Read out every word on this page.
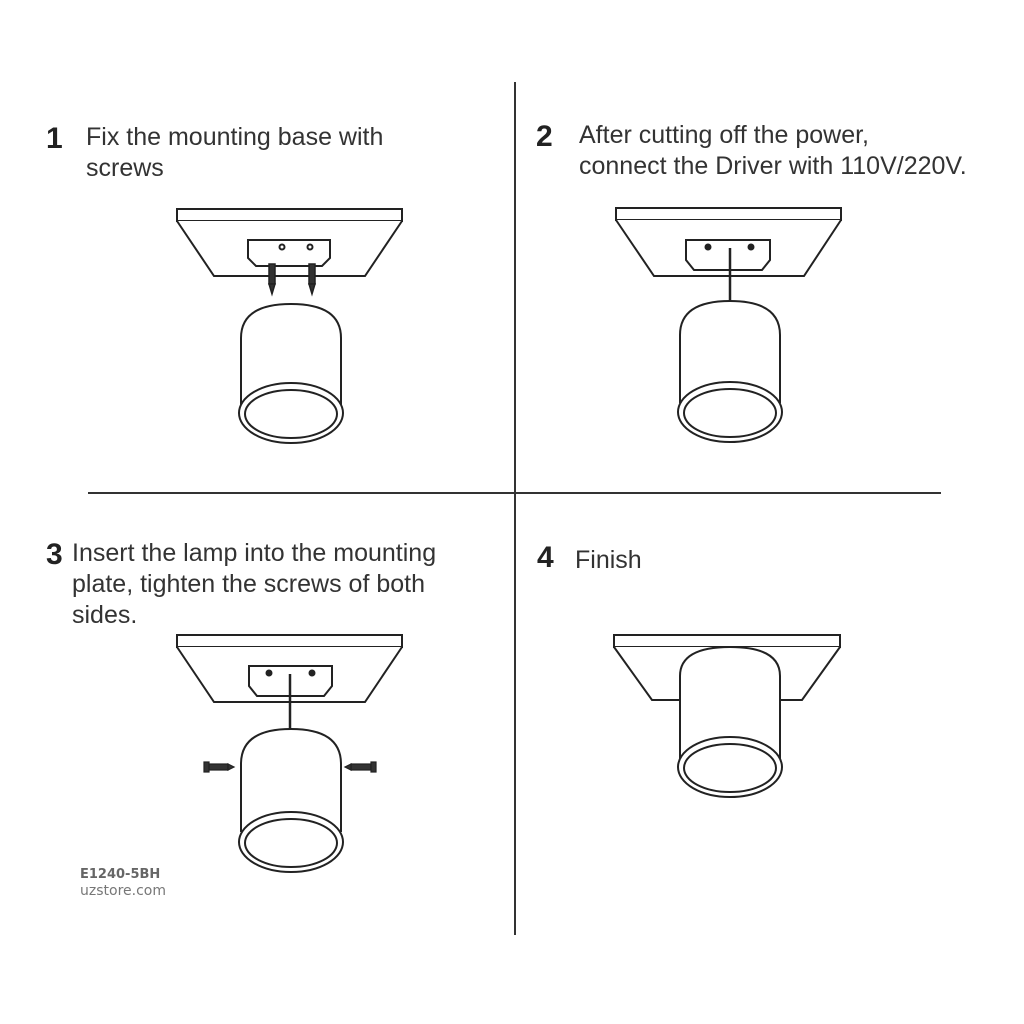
1 Fix the mounting base with
screws
2 After cutting off the power,
connect the Driver with 110V/220V.
3 Insert the lamp into the mounting
plate, tighten the screws of both
sides.
4 Finish
E1240-5BH
uzstore.com
